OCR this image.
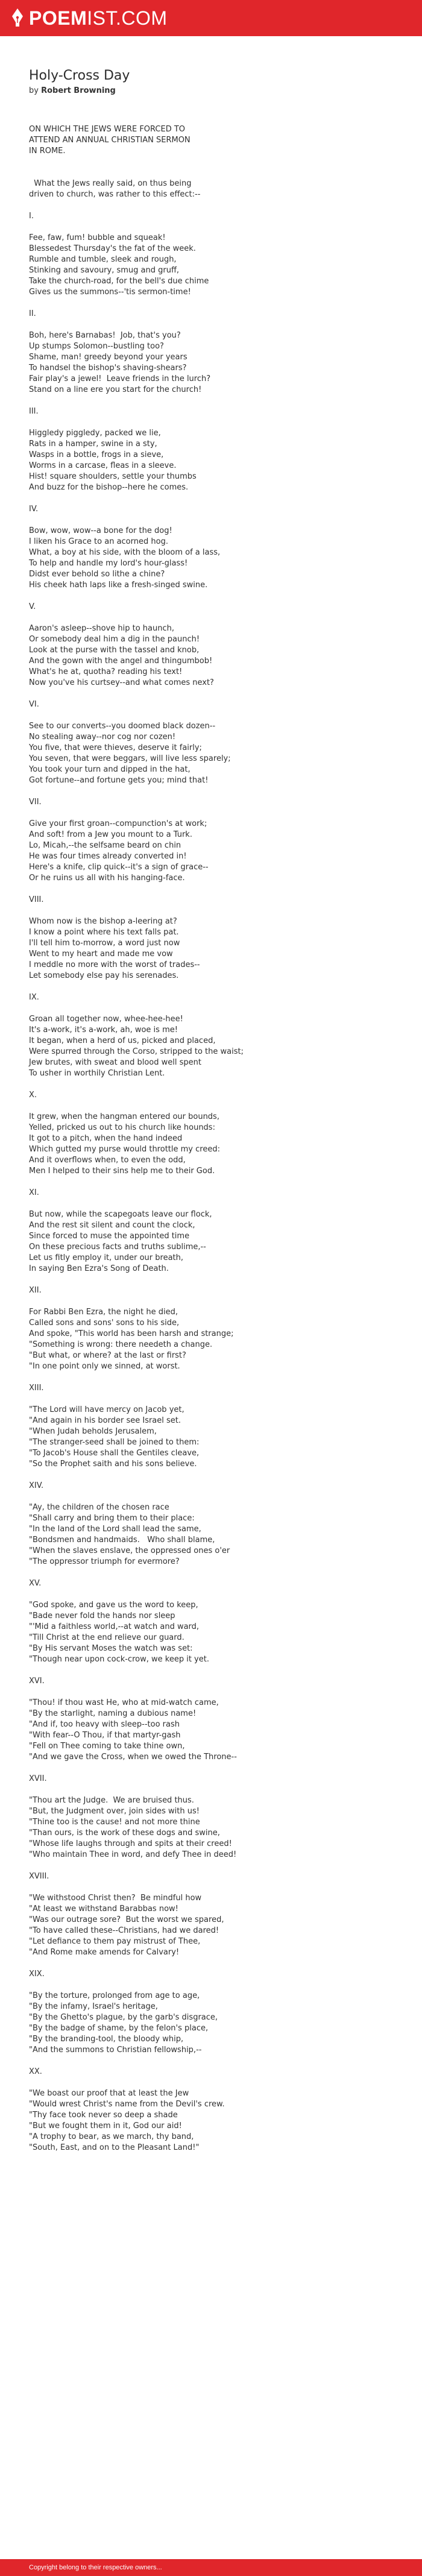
POEMIST.COM
Holy-Cross Day
by Robert Browning
ON WHICH THE JEWS WERE FORCED TO
ATTEND AN ANNUAL CHRISTIAN SERMON
IN ROME.

What the Jews really said, on thus being
driven to church, was rather to this effect:--
I.
Fee, faw, fum! bubble and squeak!
Blessedest Thursday's the fat of the week.
Rumble and tumble, sleek and rough,
Stinking and savoury, smug and gruff,
Take the church-road, for the bell's due chime
Gives us the summons--'tis sermon-time!
II.
Boh, here's Barnabas!  Job, that's you?
Up stumps Solomon--bustling too?
Shame, man! greedy beyond your years
To handsel the bishop's shaving-shears?
Fair play's a jewel!  Leave friends in the lurch?
Stand on a line ere you start for the church!
III.
Higgledy piggledy, packed we lie,
Rats in a hamper, swine in a sty,
Wasps in a bottle, frogs in a sieve,
Worms in a carcase, fleas in a sleeve.
Hist! square shoulders, settle your thumbs
And buzz for the bishop--here he comes.
IV.
Bow, wow, wow--a bone for the dog!
I liken his Grace to an acorned hog.
What, a boy at his side, with the bloom of a lass,
To help and handle my lord's hour-glass!
Didst ever behold so lithe a chine?
His cheek hath laps like a fresh-singed swine.
V.
Aaron's asleep--shove hip to haunch,
Or somebody deal him a dig in the paunch!
Look at the purse with the tassel and knob,
And the gown with the angel and thingumbob!
What's he at, quotha? reading his text!
Now you've his curtsey--and what comes next?
VI.
See to our converts--you doomed black dozen--
No stealing away--nor cog nor cozen!
You five, that were thieves, deserve it fairly;
You seven, that were beggars, will live less sparely;
You took your turn and dipped in the hat,
Got fortune--and fortune gets you; mind that!
VII.
Give your first groan--compunction's at work;
And soft! from a Jew you mount to a Turk.
Lo, Micah,--the selfsame beard on chin
He was four times already converted in!
Here's a knife, clip quick--it's a sign of grace--
Or he ruins us all with his hanging-face.
VIII.
Whom now is the bishop a-leering at?
I know a point where his text falls pat.
I'll tell him to-morrow, a word just now
Went to my heart and made me vow
I meddle no more with the worst of trades--
Let somebody else pay his serenades.
IX.
Groan all together now, whee-hee-hee!
It's a-work, it's a-work, ah, woe is me!
It began, when a herd of us, picked and placed,
Were spurred through the Corso, stripped to the waist;
Jew brutes, with sweat and blood well spent
To usher in worthily Christian Lent.
X.
It grew, when the hangman entered our bounds,
Yelled, pricked us out to his church like hounds:
It got to a pitch, when the hand indeed
Which gutted my purse would throttle my creed:
And it overflows when, to even the odd,
Men I helped to their sins help me to their God.
XI.
But now, while the scapegoats leave our flock,
And the rest sit silent and count the clock,
Since forced to muse the appointed time
On these precious facts and truths sublime,--
Let us fitly employ it, under our breath,
In saying Ben Ezra's Song of Death.
XII.
For Rabbi Ben Ezra, the night he died,
Called sons and sons' sons to his side,
And spoke, "This world has been harsh and strange;
"Something is wrong: there needeth a change.
"But what, or where? at the last or first?
"In one point only we sinned, at worst.
XIII.
"The Lord will have mercy on Jacob yet,
"And again in his border see Israel set.
"When Judah beholds Jerusalem,
"The stranger-seed shall be joined to them:
"To Jacob's House shall the Gentiles cleave,
"So the Prophet saith and his sons believe.
XIV.
"Ay, the children of the chosen race
"Shall carry and bring them to their place:
"In the land of the Lord shall lead the same,
"Bondsmen and handmaids.   Who shall blame,
"When the slaves enslave, the oppressed ones o'er
"The oppressor triumph for evermore?
XV.
"God spoke, and gave us the word to keep,
"Bade never fold the hands nor sleep
"'Mid a faithless world,--at watch and ward,
"Till Christ at the end relieve our guard.
"By His servant Moses the watch was set:
"Though near upon cock-crow, we keep it yet.
XVI.
"Thou! if thou wast He, who at mid-watch came,
"By the starlight, naming a dubious name!
"And if, too heavy with sleep--too rash
"With fear--O Thou, if that martyr-gash
"Fell on Thee coming to take thine own,
"And we gave the Cross, when we owed the Throne--
XVII.
"Thou art the Judge.  We are bruised thus.
"But, the Judgment over, join sides with us!
"Thine too is the cause! and not more thine
"Than ours, is the work of these dogs and swine,
"Whose life laughs through and spits at their creed!
"Who maintain Thee in word, and defy Thee in deed!
XVIII.
"We withstood Christ then?  Be mindful how
"At least we withstand Barabbas now!
"Was our outrage sore?  But the worst we spared,
"To have called these--Christians, had we dared!
"Let defiance to them pay mistrust of Thee,
"And Rome make amends for Calvary!
XIX.
"By the torture, prolonged from age to age,
"By the infamy, Israel's heritage,
"By the Ghetto's plague, by the garb's disgrace,
"By the badge of shame, by the felon's place,
"By the branding-tool, the bloody whip,
"And the summons to Christian fellowship,--
XX.
"We boast our proof that at least the Jew
"Would wrest Christ's name from the Devil's crew.
"Thy face took never so deep a shade
"But we fought them in it, God our aid!
"A trophy to bear, as we march, thy band,
"South, East, and on to the Pleasant Land!"
Copyright belong to their respective owners...
